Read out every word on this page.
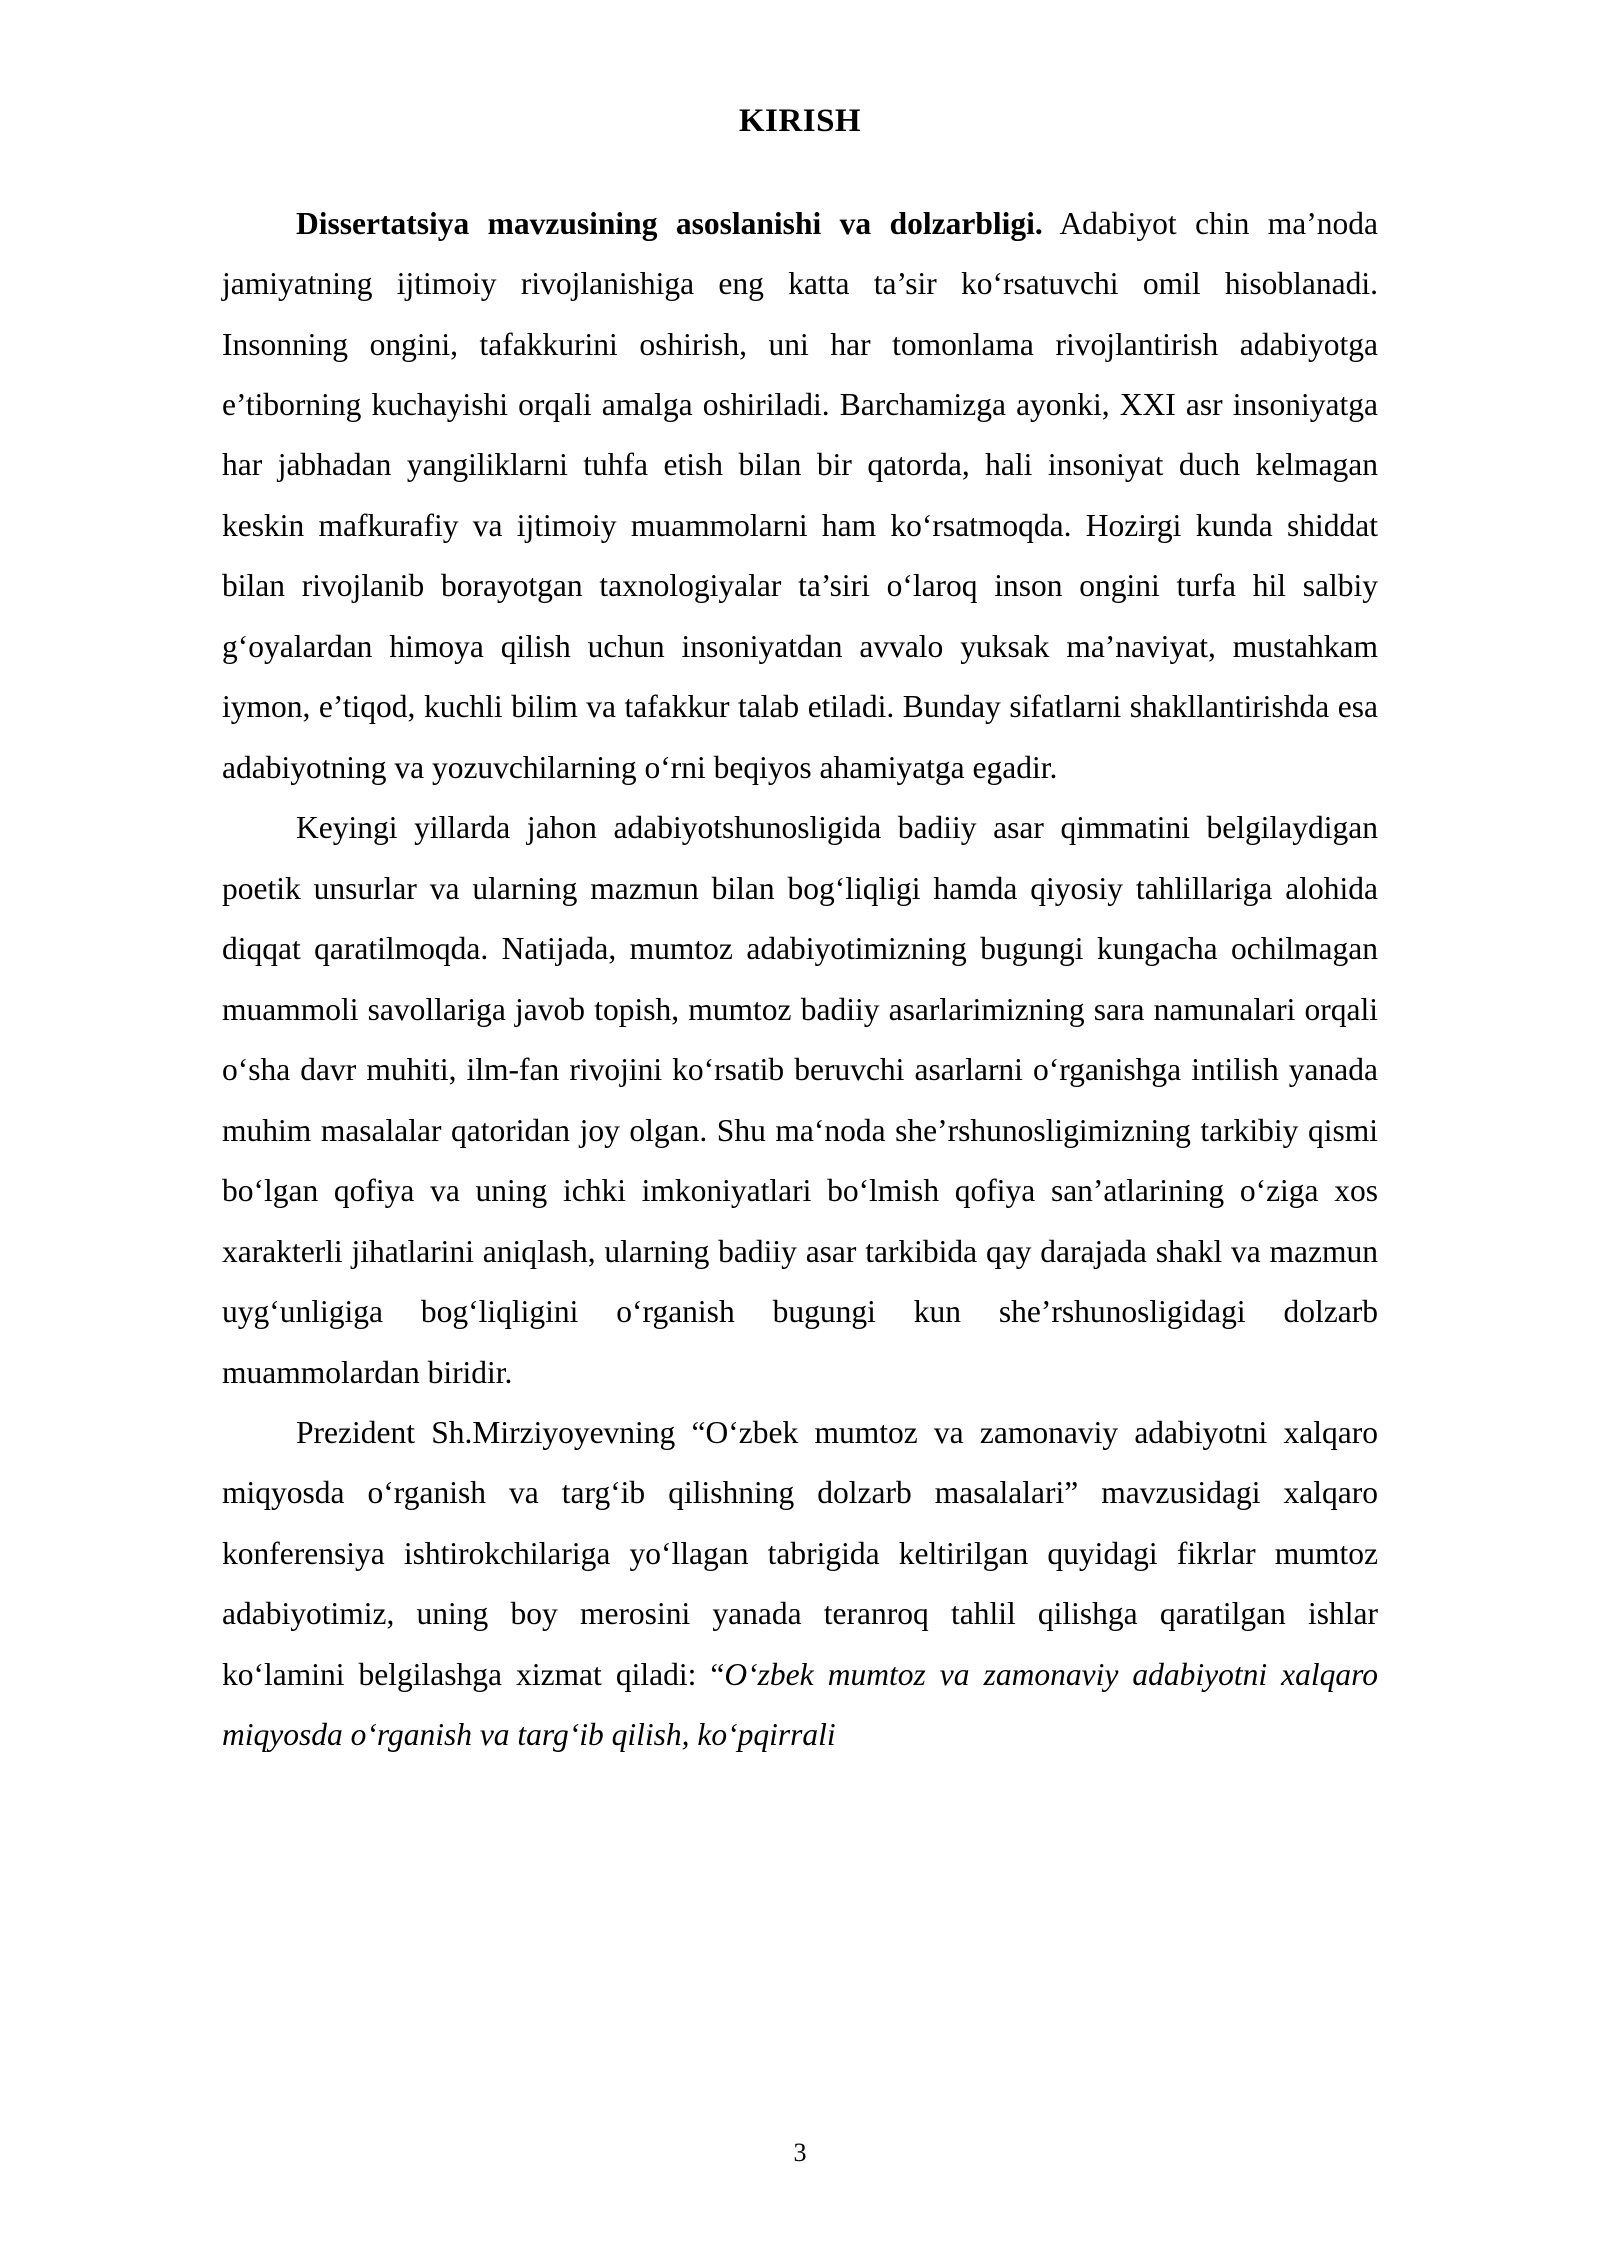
KIRISH

Dissertatsiya mavzusining asoslanishi va dolzarbligi. Adabiyot chin ma’noda jamiyatning ijtimoiy rivojlanishiga eng katta ta’sir koʻrsatuvchi omil hisoblanadi. Insonning ongini, tafakkurini oshirish, uni har tomonlama rivojlantirish adabiyotga e’tiborning kuchayishi orqali amalga oshiriladi. Barchamizga ayonki, XXI asr insoniyatga har jabhadan yangiliklarni tuhfa etish bilan bir qatorda, hali insoniyat duch kelmagan keskin mafkurafiy va ijtimoiy muammolarni ham koʻrsatmoqda. Hozirgi kunda shiddat bilan rivojlanib borayotgan taxnologiyalar ta’siri oʻlaroq inson ongini turfa hil salbiy gʻoyalardan himoya qilish uchun insoniyatdan avvalo yuksak ma’naviyat, mustahkam iymon, e’tiqod, kuchli bilim va tafakkur talab etiladi. Bunday sifatlarni shakllantirishda esa adabiyotning va yozuvchilarning oʻrni beqiyos ahamiyatga egadir.

Keyingi yillarda jahon adabiyotshunosligida badiiy asar qimmatini belgilaydigan poetik unsurlar va ularning mazmun bilan bogʻliqligi hamda qiyosiy tahlillariga alohida diqqat qaratilmoqda. Natijada, mumtoz adabiyotimizning bugungi kungacha ochilmagan muammoli savollariga javob topish, mumtoz badiiy asarlarimizning sara namunalari orqali oʻsha davr muhiti, ilm-fan rivojini koʻrsatib beruvchi asarlarni oʻrganishga intilish yanada muhim masalalar qatoridan joy olgan. Shu maʻnoda she’rshunosligimizning tarkibiy qismi boʻlgan qofiya va uning ichki imkoniyatlari boʻlmish qofiya san’atlarining oʻziga xos xarakterli jihatlarini aniqlash, ularning badiiy asar tarkibida qay darajada shakl va mazmun uygʻunligiga bogʻliqligini oʻrganish bugungi kun she’rshunosligidagi dolzarb muammolardan biridir.

Prezident Sh.Mirziyoyevning “Oʻzbek mumtoz va zamonaviy adabiyotni xalqaro miqyosda oʻrganish va targʻib qilishning dolzarb masalalari” mavzusidagi xalqaro konferensiya ishtirokchilariga yoʻllagan tabrigida keltirilgan quyidagi fikrlar mumtoz adabiyotimiz, uning boy merosini yanada teranroq tahlil qilishga qaratilgan ishlar koʻlamini belgilashga xizmat qiladi: “Oʻzbek mumtoz va zamonaviy adabiyotni xalqaro miqyosda oʻrganish va targʻib qilish, koʻpqirrali

3
